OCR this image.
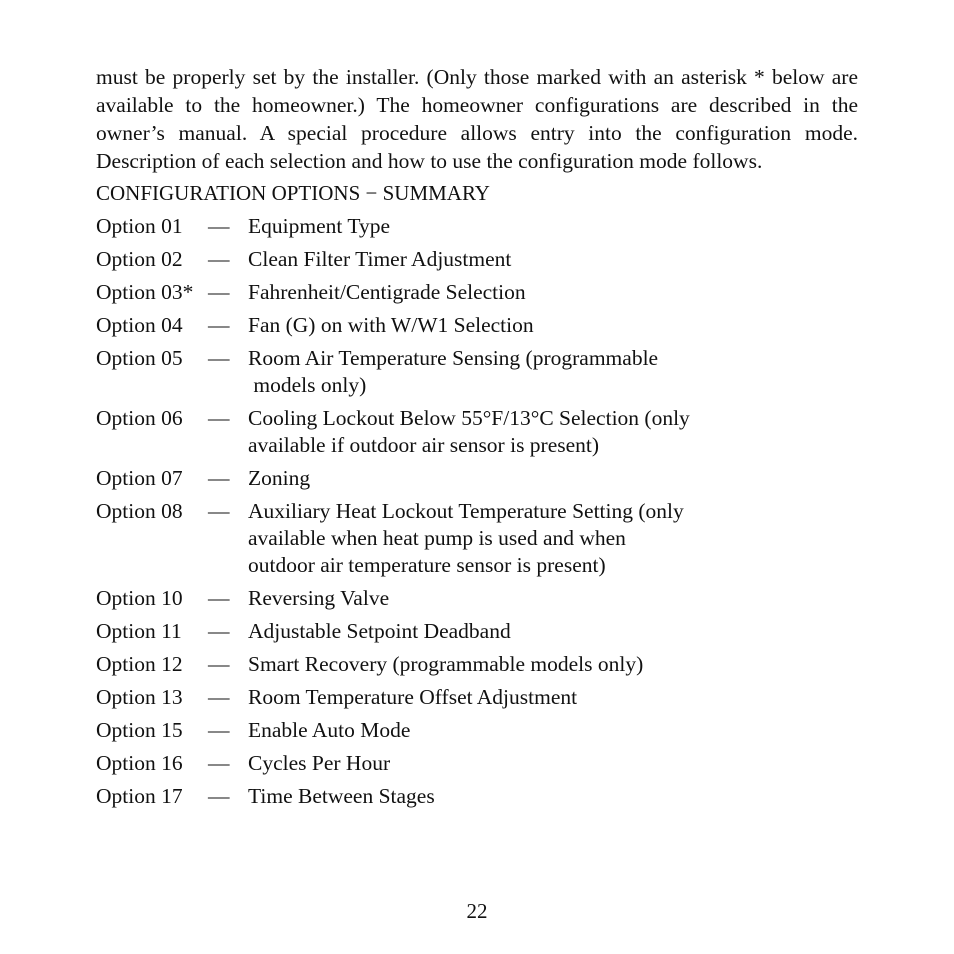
must be properly set by the installer. (Only those marked with an asterisk * below are available to the homeowner.) The homeowner configurations are described in the owner’s manual. A special procedure allows entry into the configuration mode. Description of each selection and how to use the configuration mode follows.

CONFIGURATION OPTIONS − SUMMARY
Option 01	— Equipment Type
Option 02	— Clean Filter Timer Adjustment
Option 03* — Fahrenheit/Centigrade Selection
Option 04	— Fan (G) on with W/W1 Selection
Option 05	— Room Air Temperature Sensing (programmable
models only)
Option 06	— Cooling Lockout Below 55°F/13°C Selection (only
available if outdoor air sensor is present)
Option 07	— Zoning
Option 08	— Auxiliary Heat Lockout Temperature Setting (only
available when heat pump is used and when
outdoor air temperature sensor is present)
Option 10	— Reversing Valve
Option 11	— Adjustable Setpoint Deadband
Option 12	— Smart Recovery (programmable models only)
Option 13	— Room Temperature Offset Adjustment
Option 15	— Enable Auto Mode
Option 16	— Cycles Per Hour
Option 17	— Time Between Stages
22
